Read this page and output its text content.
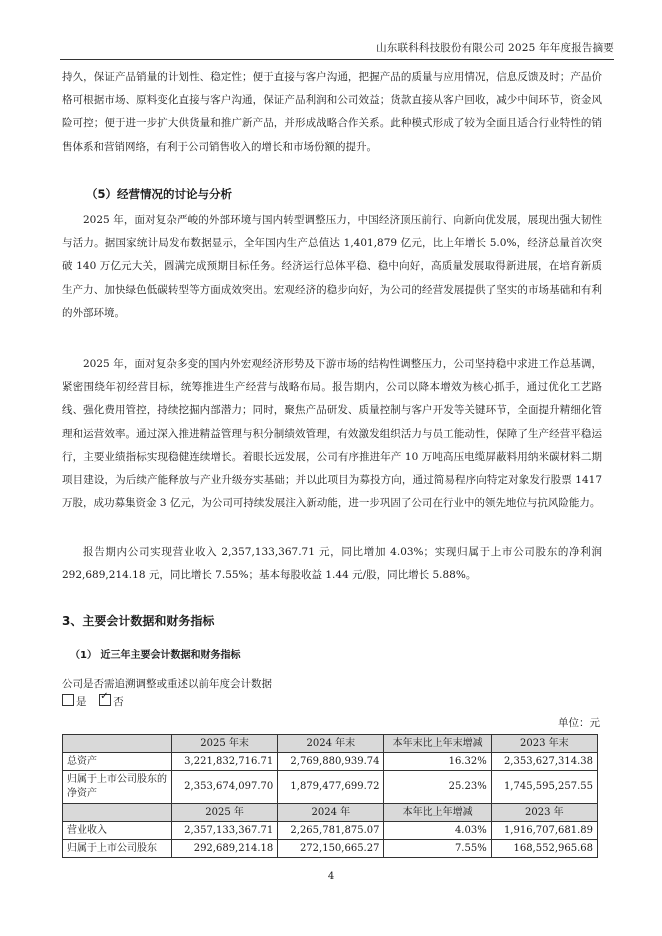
山东联科科技股份有限公司 2025 年年度报告摘要

持久，保证产品销量的计划性、稳定性；便于直接与客户沟通，把握产品的质量与应用情况，信息反馈及时；产品价格可根据市场、原料变化直接与客户沟通，保证产品利润和公司效益；货款直接从客户回收，减少中间环节，资金风险可控；便于进一步扩大供货量和推广新产品，并形成战略合作关系。此种模式形成了较为全面且适合行业特性的销售体系和营销网络，有利于公司销售收入的增长和市场份额的提升。

（5）经营情况的讨论与分析

2025 年，面对复杂严峻的外部环境与国内转型调整压力，中国经济顶压前行、向新向优发展，展现出强大韧性与活力。据国家统计局发布数据显示，全年国内生产总值达 1,401,879 亿元，比上年增长 5.0%，经济总量首次突破 140 万亿元大关，圆满完成预期目标任务。经济运行总体平稳、稳中向好，高质量发展取得新进展，在培育新质生产力、加快绿色低碳转型等方面成效突出。宏观经济的稳步向好，为公司的经营发展提供了坚实的市场基础和有利的外部环境。

2025 年，面对复杂多变的国内外宏观经济形势及下游市场的结构性调整压力，公司坚持稳中求进工作总基调，紧密围绕年初经营目标，统筹推进生产经营与战略布局。报告期内，公司以降本增效为核心抓手，通过优化工艺路线、强化费用管控，持续挖掘内部潜力；同时，聚焦产品研发、质量控制与客户开发等关键环节，全面提升精细化管理和运营效率。通过深入推进精益管理与积分制绩效管理，有效激发组织活力与员工能动性，保障了生产经营平稳运行，主要业绩指标实现稳健连续增长。着眼长远发展，公司有序推进年产 10 万吨高压电缆屏蔽料用纳米碳材料二期项目建设，为后续产能释放与产业升级夯实基础；并以此项目为募投方向，通过简易程序向特定对象发行股票 1417 万股，成功募集资金 3 亿元，为公司可持续发展注入新动能，进一步巩固了公司在行业中的领先地位与抗风险能力。

报告期内公司实现营业收入 2,357,133,367.71 元，同比增加 4.03%；实现归属于上市公司股东的净利润 292,689,214.18 元，同比增长 7.55%；基本每股收益 1.44 元/股，同比增长 5.88%。

3、主要会计数据和财务指标
（1） 近三年主要会计数据和财务指标
公司是否需追溯调整或重述以前年度会计数据
是 ✓	否
单位：元
	2025 年末	2024 年末	本年末比上年末增减	2023 年末
总资产	3,221,832,716.71	2,769,880,939.74	16.32%	2,353,627,314.38
归属于上市公司股东的净资产	2,353,674,097.70	1,879,477,699.72	25.23%	1,745,595,257.55
	2025 年	2024 年	本年比上年增减	2023 年
营业收入	2,357,133,367.71	2,265,781,875.07	4.03%	1,916,707,681.89
归属于上市公司股东	292,689,214.18	272,150,665.27	7.55%	168,552,965.68
4
